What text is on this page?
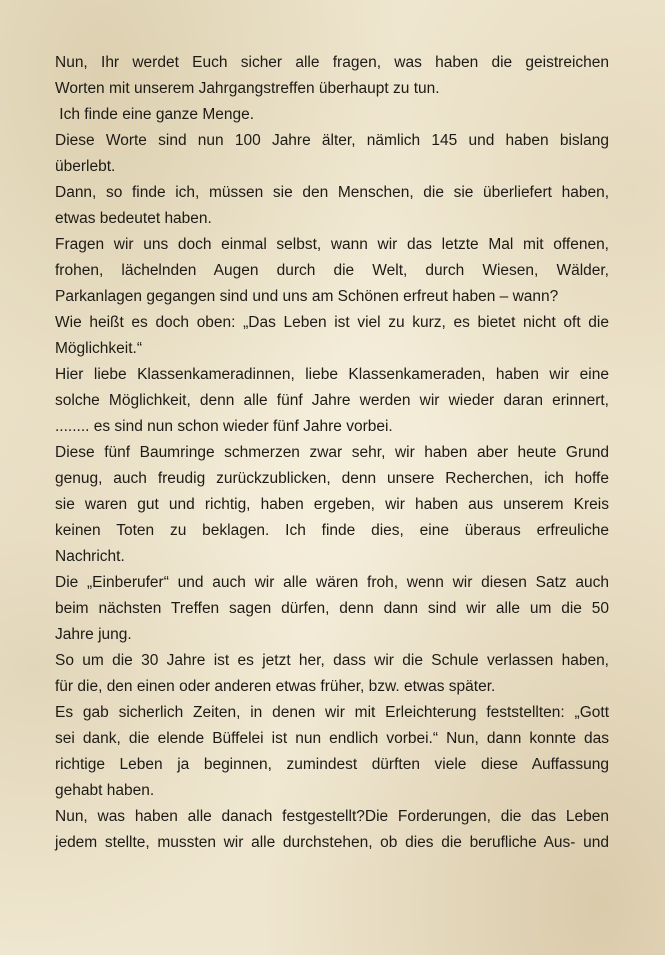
Nun, Ihr werdet Euch sicher alle fragen, was haben die geistreichen
Worten mit unserem Jahrgangstreffen überhaupt zu tun.
Ich finde eine ganze Menge.
Diese Worte sind nun 100 Jahre älter, nämlich 145 und haben bislang
überlebt.
Dann, so finde ich, müssen sie den Menschen, die sie überliefert haben,
etwas bedeutet haben.
Fragen wir uns doch einmal selbst, wann wir das letzte Mal mit offenen,
frohen, lächelnden Augen durch die Welt, durch Wiesen, Wälder,
Parkanlagen gegangen sind und uns am Schönen erfreut haben – wann?
Wie heißt es doch oben: „Das Leben ist viel zu kurz, es bietet nicht oft die
Möglichkeit.“
Hier liebe Klassenkameradinnen, liebe Klassenkameraden, haben wir eine
solche Möglichkeit, denn alle fünf Jahre werden wir wieder daran erinnert,
........ es sind nun schon wieder fünf Jahre vorbei.
Diese fünf Baumringe schmerzen zwar sehr, wir haben aber heute Grund
genug, auch freudig zurückzublicken, denn unsere Recherchen, ich hoffe
sie waren gut und richtig, haben ergeben, wir haben aus unserem Kreis
keinen Toten zu beklagen. Ich finde dies, eine überaus erfreuliche
Nachricht.
Die „Einberufer“ und auch wir alle wären froh, wenn wir diesen Satz auch
beim nächsten Treffen sagen dürfen, denn dann sind wir alle um die 50
Jahre jung.
So um die 30 Jahre ist es jetzt her, dass wir die Schule verlassen haben,
für die, den einen oder anderen etwas früher, bzw. etwas später.
Es gab sicherlich Zeiten, in denen wir mit Erleichterung feststellten: „Gott
sei dank, die elende Büffelei ist nun endlich vorbei.“ Nun, dann konnte das
richtige Leben ja beginnen, zumindest dürften viele diese Auffassung
gehabt haben.
Nun, was haben alle danach festgestellt?Die Forderungen, die das Leben
jedem stellte, mussten wir alle durchstehen, ob dies die berufliche Aus- und
